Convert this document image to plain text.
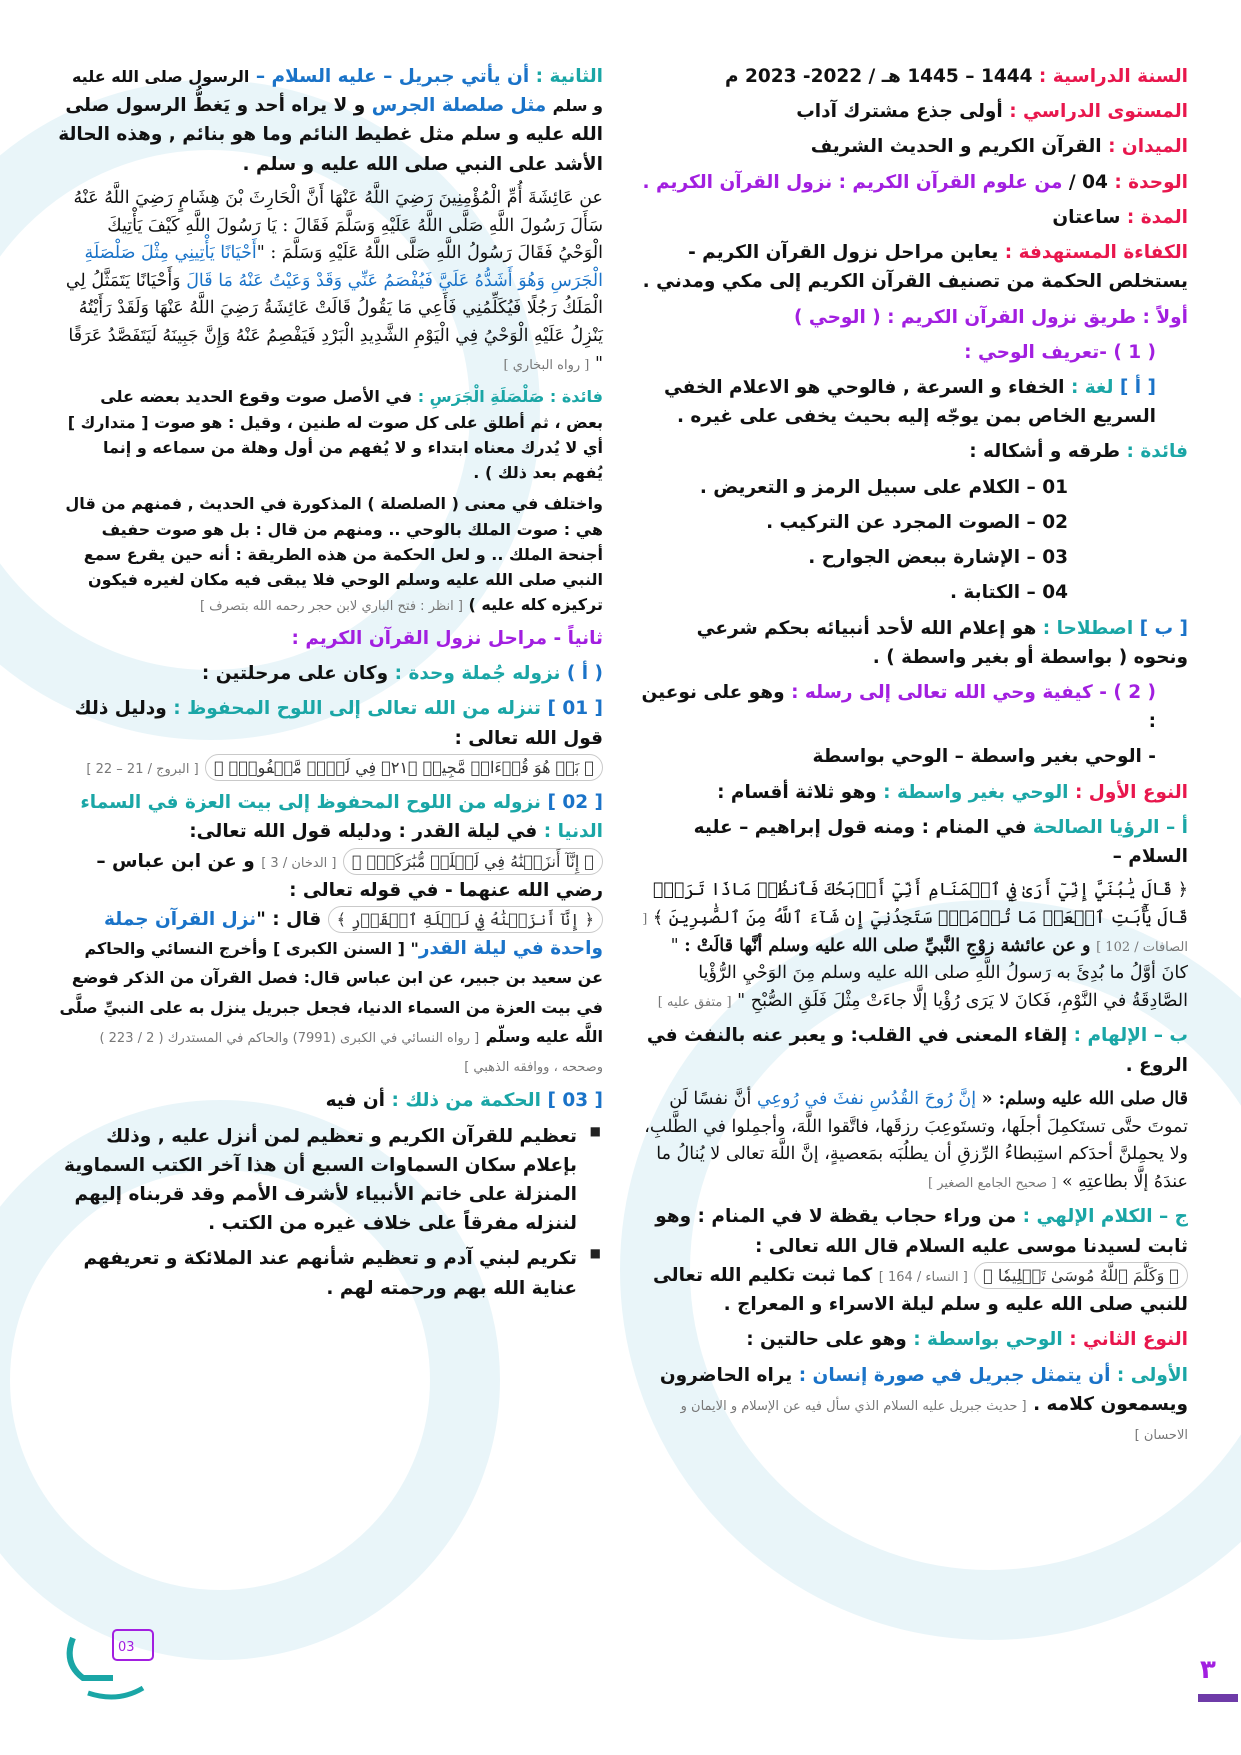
السنة الدراسية : 1444 – 1445 هـ / 2022- 2023 م

المستوى الدراسي : أولى جذع مشترك آداب

الميدان : القرآن الكريم و الحديث الشريف

الوحدة : 04 / من علوم القرآن الكريم : نزول القرآن الكريم .

المدة : ساعتان

الكفاءة المستهدفة : يعاين مراحل نزول القرآن الكريم - يستخلص الحكمة من تصنيف القرآن الكريم إلى مكي ومدني .

أولاً : طريق نزول القرآن الكريم : ( الوحي )

( 1 ) -تعريف الوحي :

[ أ ] لغة : الخفاء و السرعة , فالوحي هو الاعلام الخفي السريع الخاص بمن يوجّه إليه بحيث يخفى على غيره .

فائدة : طرقه و أشكاله :

01 – الكلام على سبيل الرمز و التعريض .

02 – الصوت المجرد عن التركيب .

03 – الإشارة ببعض الجوارح .

04 – الكتابة .

[ ب ] اصطلاحا : هو إعلام الله لأحد أنبيائه بحكم شرعي ونحوه ( بواسطة أو بغير واسطة ) .

( 2 ) - كيفية وحي الله تعالى إلى رسله : وهو على نوعين :

- الوحي بغير واسطة – الوحي بواسطة

النوع الأول : الوحي بغير واسطة : وهو ثلاثة أقسام :

أ – الرؤيا الصالحة في المنام : ومنه قول إبراهيم – عليه السلام –

﴿ قَالَ يَٰبُنَيَّ إِنِّيٓ أَرَىٰ فِي ٱلۡمَنَامِ أَنِّيٓ أَذۡبَحُكَ فَٱنظُرۡ مَاذَا تَرَىٰۚ قَالَ يَٰٓأَبَتِ ٱفۡعَلۡ مَا تُؤۡمَرُۖ سَتَجِدُنِيٓ إِن شَآءَ ٱللَّهُ مِنَ ٱلصَّٰبِرِينَ ﴾ [ الصافات / 102 ] و عن عائشة زوْجِ النَّبيِّ صلى الله عليه وسلم أنَّها قالَتْ : " كانَ أوَّلُ ما بُدِئَ به رَسولُ اللَّهِ صلى الله عليه وسلم مِنَ الوَحْيِ الرُّؤْيا الصَّادِقَةُ في النَّوْمِ، فَكانَ لا يَرَى رُؤْيا إلَّا جاءَتْ مِثْلَ فَلَقِ الصُّبْحِ " [ متفق عليه ]

ب – الإلهام : إلقاء المعنى في القلب: و يعبر عنه بالنفث في الروع .

قال صلى الله عليه وسلم: « إنَّ رُوحَ القُدُسِ نفثَ في رُوعِي أنَّ نفسًا لَن تموتَ حتَّى تستَكمِلَ أجلَها، وتستَوعِبَ رزقَها، فاتَّقوا اللَّهَ، وأجمِلوا في الطَّلبِ، ولا يحمِلنَّ أحدَكم استِبطاءُ الرِّزقِ أن يطلُبَه بمَعصيةٍ، إنَّ اللَّهَ تعالى لا يُنالُ ما عندَهُ إلَّا بطاعتِهِ » [ صحيح الجامع الصغير ]

ج – الكلام الإلهي : من وراء حجاب يقظة لا في المنام : وهو ثابت لسيدنا موسى عليه السلام قال الله تعالى : ﴿ وَكَلَّمَ ٱللَّهُ مُوسَىٰ تَكۡلِيمٗا ﴾ [ النساء / 164 ] كما ثبت تكليم الله تعالى للنبي صلى الله عليه و سلم ليلة الاسراء و المعراج .

النوع الثاني : الوحي بواسطة : وهو على حالتين :

الأولى : أن يتمثل جبريل في صورة إنسان : يراه الحاضرون ويسمعون كلامه . [ حديث جبريل عليه السلام الذي سأل فيه عن الإسلام و الايمان و الاحسان ]

الثانية : أن يأتي جبريل – عليه السلام – الرسول صلى الله عليه و سلم مثل صلصلة الجرس و لا يراه أحد و يَغطُّ الرسول صلى الله عليه و سلم مثل غطيط النائم وما هو بنائم , وهذه الحالة الأشد على النبي صلى الله عليه و سلم .

عن عَائِشَةَ أُمِّ الْمُؤْمِنِينَ رَضِيَ اللَّهُ عَنْهَا أَنَّ الْحَارِثَ بْنَ هِشَامٍ رَضِيَ اللَّهُ عَنْهُ سَأَلَ رَسُولَ اللَّهِ صَلَّى اللَّهُ عَلَيْهِ وَسَلَّمَ فَقَالَ : يَا رَسُولَ اللَّهِ كَيْفَ يَأْتِيكَ الْوَحْيُ فَقَالَ رَسُولُ اللَّهِ صَلَّى اللَّهُ عَلَيْهِ وَسَلَّمَ : "أَحْيَانًا يَأْتِينِي مِثْلَ صَلْصَلَةِ الْجَرَسِ وَهُوَ أَشَدُّهُ عَلَيَّ فَيُفْصَمُ عَنِّي وَقَدْ وَعَيْتُ عَنْهُ مَا قَالَ وَأَحْيَانًا يَتَمَثَّلُ لِي الْمَلَكُ رَجُلًا فَيُكَلِّمُنِي فَأَعِي مَا يَقُولُ قَالَتْ عَائِشَةُ رَضِيَ اللَّهُ عَنْهَا وَلَقَدْ رَأَيْتُهُ يَنْزِلُ عَلَيْهِ الْوَحْيُ فِي الْيَوْمِ الشَّدِيدِ الْبَرْدِ فَيَفْصِمُ عَنْهُ وَإِنَّ جَبِينَهُ لَيَتَفَصَّدُ عَرَقًا " [ رواه البخاري ]

فائدة : صَلْصَلَةِ الْجَرَسِ : في الأصل صوت وقوع الحديد بعضه على بعض ، ثم أطلق على كل صوت له طنين ، وقيل : هو صوت [ متدارك ] أي لا يُدرك معناه ابتداء و لا يُفهم من أول وهلة من سماعه و إنما يُفهم بعد ذلك ) .

واختلف في معنى ( الصلصلة ) المذكورة في الحديث , فمنهم من قال هي : صوت الملك بالوحي .. ومنهم من قال : بل هو صوت حفيف أجنحة الملك .. و لعل الحكمة من هذه الطريقة : أنه حين يقرع سمع النبي صلى الله عليه وسلم الوحي فلا يبقى فيه مكان لغيره فيكون تركيزه كله عليه ) [ انظر : فتح الباري لابن حجر رحمه الله بتصرف ]

ثانياً - مراحل نزول القرآن الكريم :

( أ ) نزوله جُملة وحدة : وكان على مرحلتين :

[ 01 ] تنزله من الله تعالى إلى اللوح المحفوظ : ودليل ذلك قول الله تعالى : ﴿ بَلۡ هُوَ قُرۡءَانٞ مَّجِيدٞ ﴿٢١﴾ فِي لَوۡحٖ مَّحۡفُوظِۭ ﴾ [ البروج / 21 – 22 ]

[ 02 ] نزوله من اللوح المحفوظ إلى بيت العزة في السماء الدنيا : في ليلة القدر : ودليله قول الله تعالى: ﴿ إِنَّآ أَنزَلۡنَٰهُ فِي لَيۡلَةٖ مُّبَٰرَكَةٍۚ ﴾ [ الدخان / 3 ] و عن ابن عباس – رضي الله عنهما - في قوله تعالى : ﴿ إِنَّآ أَنزَلۡنَٰهُ فِي لَيۡلَةِ ٱلۡقَدۡرِ ﴾ قال : "نزل القرآن جملة واحدة في ليلة القدر" [ السنن الكبرى ] وأخرج النسائي والحاكم عن سعيد بن جبير، عن ابن عباس قال: فصل القرآن من الذكر فوضع في بيت العزة من السماء الدنيا، فجعل جبريل ينزل به على النبيِّ صلَّى اللَّه عليه وسلّم [ رواه النسائي في الكبرى (7991) والحاكم في المستدرك ( 2 / 223 ) وصححه ، ووافقه الذهبي ]

[ 03 ] الحكمة من ذلك : أن فيه

■ تعظيم للقرآن الكريم و تعظيم لمن أنزل عليه , وذلك بإعلام سكان السماوات السبع أن هذا آخر الكتب السماوية المنزلة على خاتم الأنبياء لأشرف الأمم وقد قربناه إليهم لننزله مفرقاً على خلاف غيره من الكتب .

■ تكريم لبني آدم و تعظيم شأنهم عند الملائكة و تعريفهم عناية الله بهم ورحمته لهم .

03
٣
